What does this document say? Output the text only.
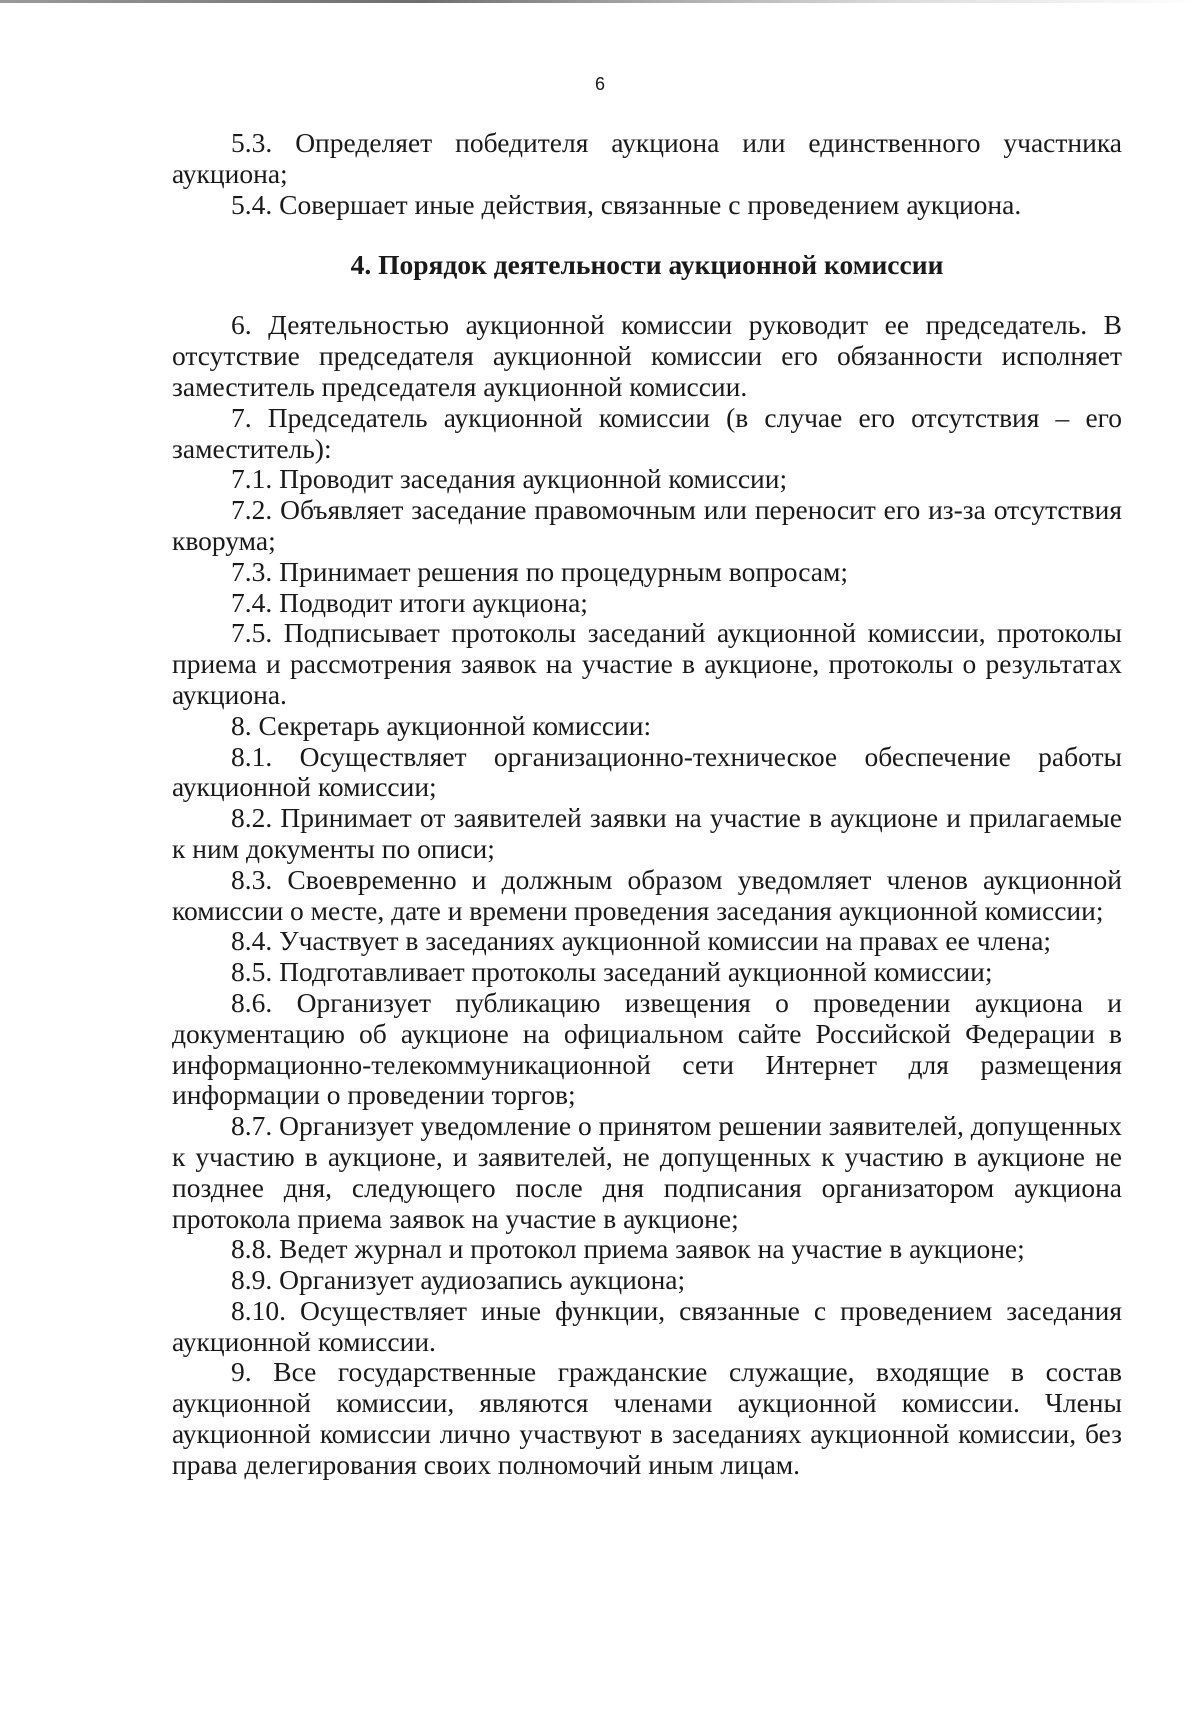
6

5.3. Определяет победителя аукциона или единственного участника аукциона;

5.4. Совершает иные действия, связанные с проведением аукциона.

4. Порядок деятельности аукционной комиссии

6. Деятельностью аукционной комиссии руководит ее председатель. В отсутствие председателя аукционной комиссии его обязанности исполняет заместитель председателя аукционной комиссии.

7. Председатель аукционной комиссии (в случае его отсутствия – его заместитель):

7.1. Проводит заседания аукционной комиссии;

7.2. Объявляет заседание правомочным или переносит его из-за отсутствия кворума;

7.3. Принимает решения по процедурным вопросам;

7.4. Подводит итоги аукциона;

7.5. Подписывает протоколы заседаний аукционной комиссии, протоколы приема и рассмотрения заявок на участие в аукционе, протоколы о результатах аукциона.

8. Секретарь аукционной комиссии:

8.1. Осуществляет организационно-техническое обеспечение работы аукционной комиссии;

8.2. Принимает от заявителей заявки на участие в аукционе и прилагаемые к ним документы по описи;

8.3. Своевременно и должным образом уведомляет членов аукционной комиссии о месте, дате и времени проведения заседания аукционной комиссии;

8.4. Участвует в заседаниях аукционной комиссии на правах ее члена;

8.5. Подготавливает протоколы заседаний аукционной комиссии;

8.6. Организует публикацию извещения о проведении аукциона и документацию об аукционе на официальном сайте Российской Федерации в информационно-телекоммуникационной сети Интернет для размещения информации о проведении торгов;

8.7. Организует уведомление о принятом решении заявителей, допущенных к участию в аукционе, и заявителей, не допущенных к участию в аукционе не позднее дня, следующего после дня подписания организатором аукциона протокола приема заявок на участие в аукционе;

8.8. Ведет журнал и протокол приема заявок на участие в аукционе;

8.9. Организует аудиозапись аукциона;

8.10. Осуществляет иные функции, связанные с проведением заседания аукционной комиссии.

9. Все государственные гражданские служащие, входящие в состав аукционной комиссии, являются членами аукционной комиссии. Члены аукционной комиссии лично участвуют в заседаниях аукционной комиссии, без права делегирования своих полномочий иным лицам.
